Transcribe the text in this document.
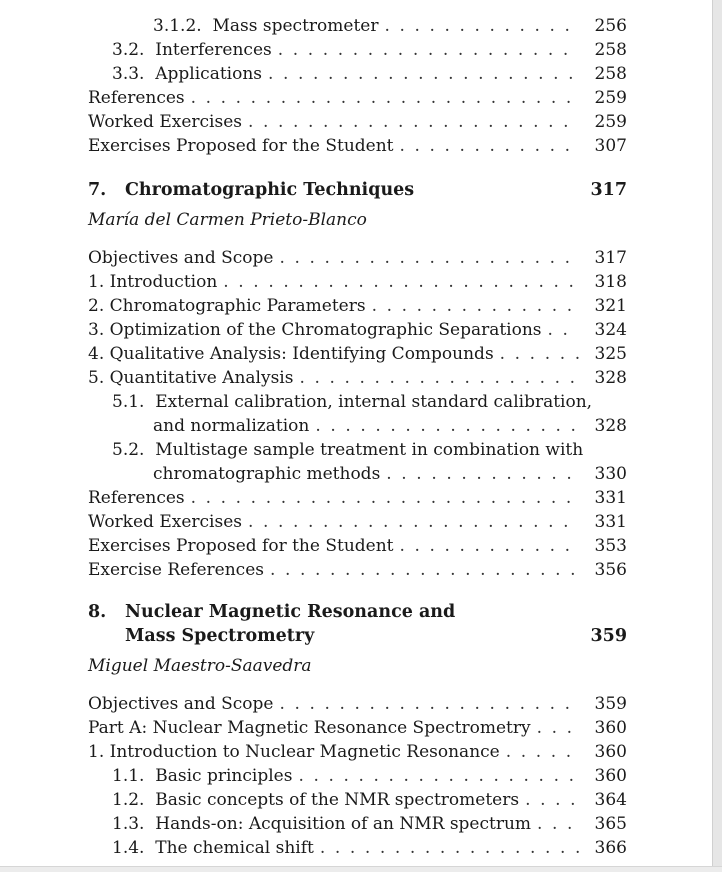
3.1.2. Mass spectrometer . . .	256
3.2. Interferences . . .	258
3.3. Applications . . .	258
References . . .	259
Worked Exercises . . .	259
Exercises Proposed for the Student . . .	307
7.	Chromatographic Techniques	317
María del Carmen Prieto-Blanco
Objectives and Scope . . .	317
1. Introduction . . .	318
2. Chromatographic Parameters . . .	321
3. Optimization of the Chromatographic Separations . . .	324
4. Qualitative Analysis: Identifying Compounds . . .	325
5. Quantitative Analysis . . .	328
5.1. External calibration, internal standard calibration,
and normalization . . .	328
5.2. Multistage sample treatment in combination with
chromatographic methods . . .	330
References . . .	331
Worked Exercises . . .	331
Exercises Proposed for the Student . . .	353
Exercise References . . .	356
8.	Nuclear Magnetic Resonance and
Mass Spectrometry	359
Miguel Maestro-Saavedra
Objectives and Scope . . .	359
Part A: Nuclear Magnetic Resonance Spectrometry . . .	360
1. Introduction to Nuclear Magnetic Resonance . . .	360
1.1. Basic principles . . .	360
1.2. Basic concepts of the NMR spectrometers . . .	364
1.3. Hands-on: Acquisition of an NMR spectrum . . .	365
1.4. The chemical shift . . .	366
